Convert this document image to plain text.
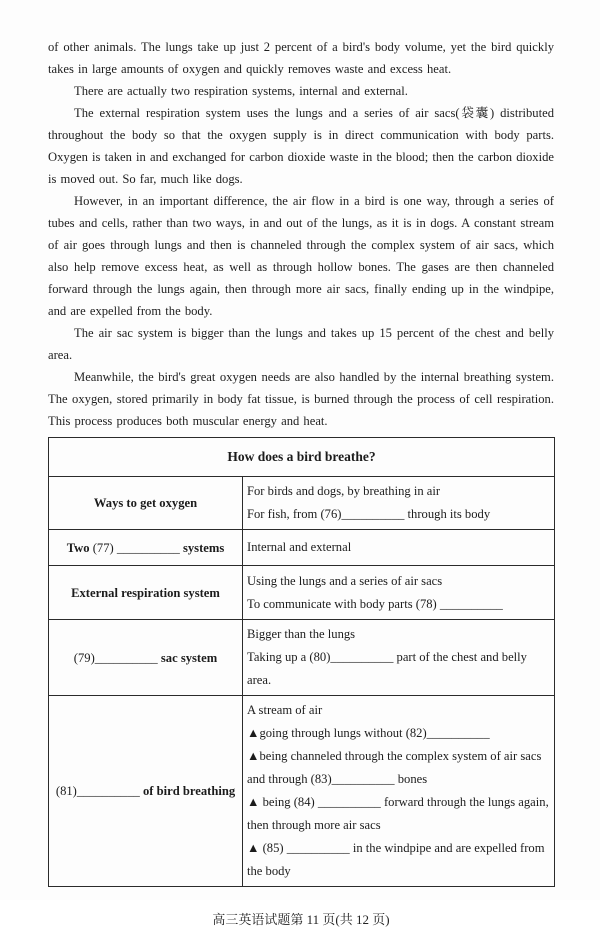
of other animals. The lungs take up just 2 percent of a bird's body volume, yet the bird quickly takes in large amounts of oxygen and quickly removes waste and excess heat.

There are actually two respiration systems, internal and external.

The external respiration system uses the lungs and a series of air sacs(袋囊) distributed throughout the body so that the oxygen supply is in direct communication with body parts. Oxygen is taken in and exchanged for carbon dioxide waste in the blood; then the carbon dioxide is moved out. So far, much like dogs.

However, in an important difference, the air flow in a bird is one way, through a series of tubes and cells, rather than two ways, in and out of the lungs, as it is in dogs. A constant stream of air goes through lungs and then is channeled through the complex system of air sacs, which also help remove excess heat, as well as through hollow bones. The gases are then channeled forward through the lungs again, then through more air sacs, finally ending up in the windpipe, and are expelled from the body.

The air sac system is bigger than the lungs and takes up 15 percent of the chest and belly area.

Meanwhile, the bird's great oxygen needs are also handled by the internal breathing system. The oxygen, stored primarily in body fat tissue, is burned through the process of cell respiration. This process produces both muscular energy and heat.

How does a bird breathe?	
Ways to get oxygen	For birds and dogs, by breathing in air
For fish, from (76)__________ through its body

Two (77) __________ systems	Internal and external

External respiration system	Using the lungs and a series of air sacs
To communicate with body parts (78) __________

(79)__________ sac system	Bigger than the lungs
Taking up a (80)__________ part of the chest and belly area.

(81)__________ of bird breathing	A stream of air
▲going through lungs without (82)__________
▲being channeled through the complex system of air sacs and through (83)__________ bones
▲ being (84) __________ forward through the lungs again, then through more air sacs
▲ (85) __________ in the windpipe and are expelled from the body
高三英语试题第 11 页(共 12 页)
